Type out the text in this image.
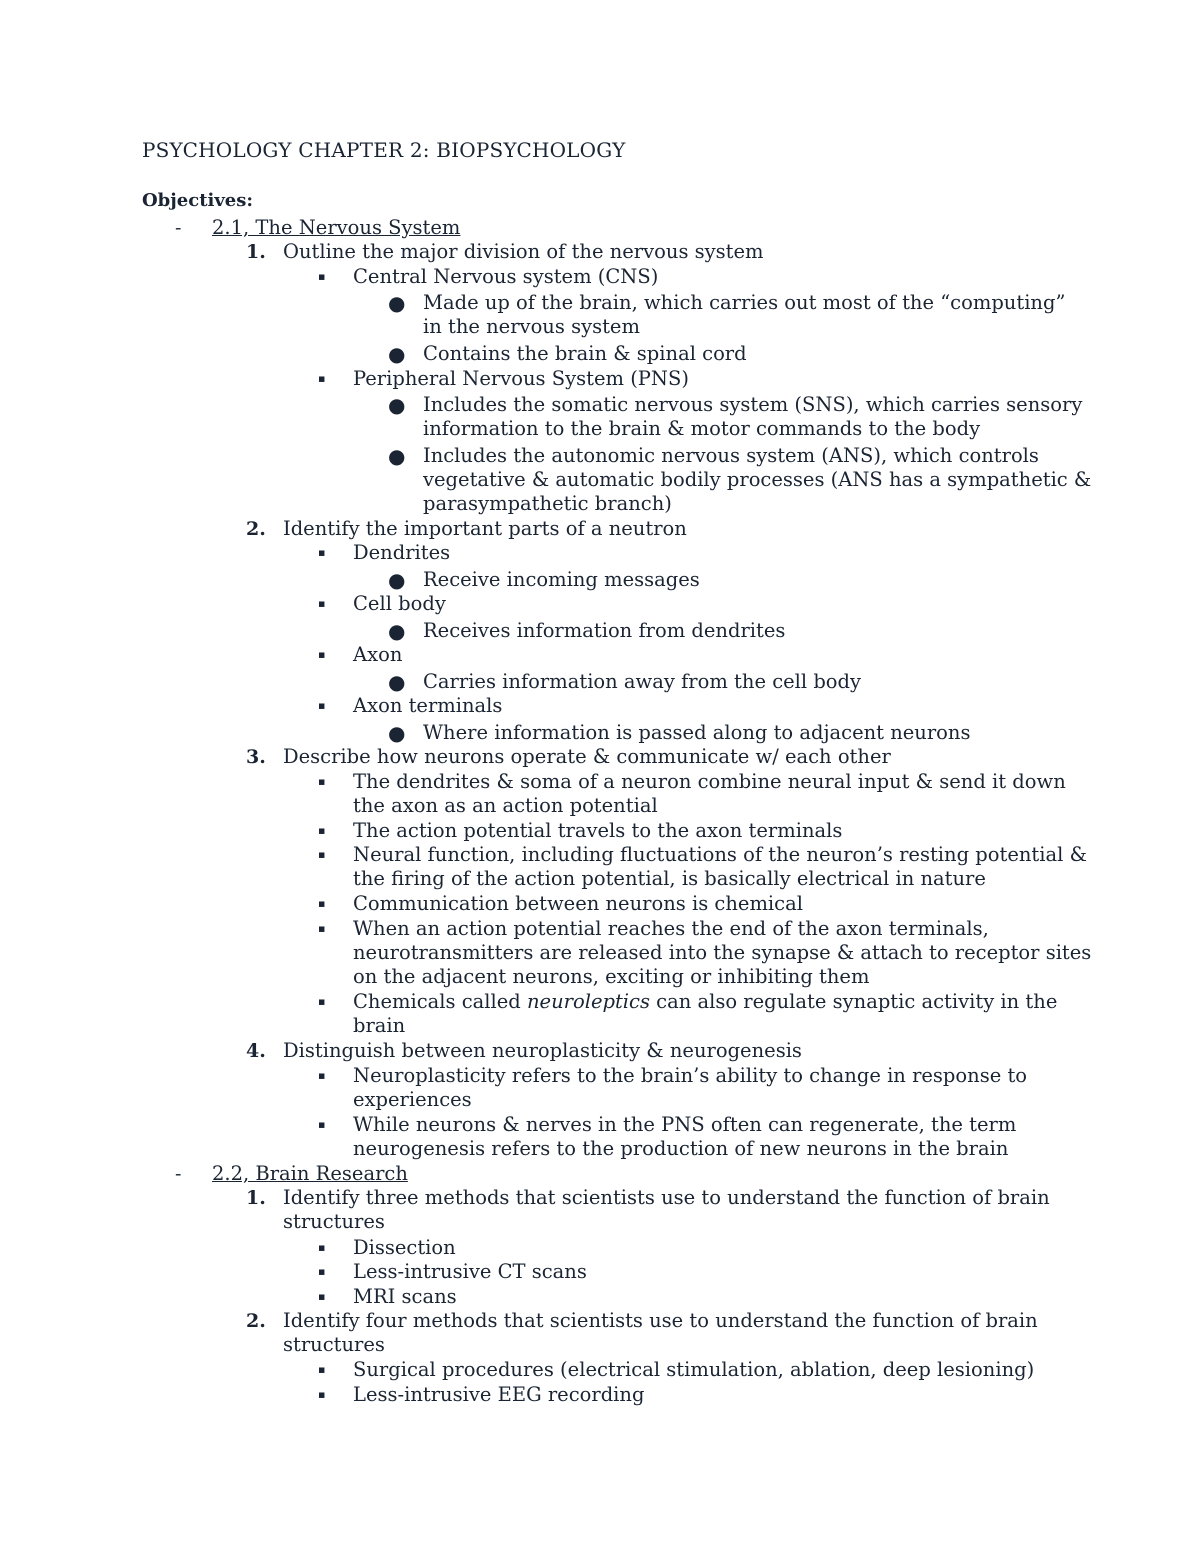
PSYCHOLOGY CHAPTER 2: BIOPSYCHOLOGY
Objectives:
- 2.1, The Nervous System
1. Outline the major division of the nervous system
▪ Central Nervous system (CNS)
● Made up of the brain, which carries out most of the “computing”
in the nervous system
● Contains the brain & spinal cord
▪ Peripheral Nervous System (PNS)
● Includes the somatic nervous system (SNS), which carries sensory
information to the brain & motor commands to the body
● Includes the autonomic nervous system (ANS), which controls
vegetative & automatic bodily processes (ANS has a sympathetic &
parasympathetic branch)
2. Identify the important parts of a neutron
▪ Dendrites
● Receive incoming messages
▪ Cell body
● Receives information from dendrites
▪ Axon
● Carries information away from the cell body
▪ Axon terminals
● Where information is passed along to adjacent neurons
3. Describe how neurons operate & communicate w/ each other
▪ The dendrites & soma of a neuron combine neural input & send it down
the axon as an action potential
▪ The action potential travels to the axon terminals
▪ Neural function, including fluctuations of the neuron’s resting potential &
the firing of the action potential, is basically electrical in nature
▪ Communication between neurons is chemical
▪ When an action potential reaches the end of the axon terminals,
neurotransmitters are released into the synapse & attach to receptor sites
on the adjacent neurons, exciting or inhibiting them
▪ Chemicals called neuroleptics can also regulate synaptic activity in the
brain
4. Distinguish between neuroplasticity & neurogenesis
▪ Neuroplasticity refers to the brain’s ability to change in response to
experiences
▪ While neurons & nerves in the PNS often can regenerate, the term
neurogenesis refers to the production of new neurons in the brain
- 2.2, Brain Research
1. Identify three methods that scientists use to understand the function of brain
structures
▪ Dissection
▪ Less-intrusive CT scans
▪ MRI scans
2. Identify four methods that scientists use to understand the function of brain
structures
▪ Surgical procedures (electrical stimulation, ablation, deep lesioning)
▪ Less-intrusive EEG recording
